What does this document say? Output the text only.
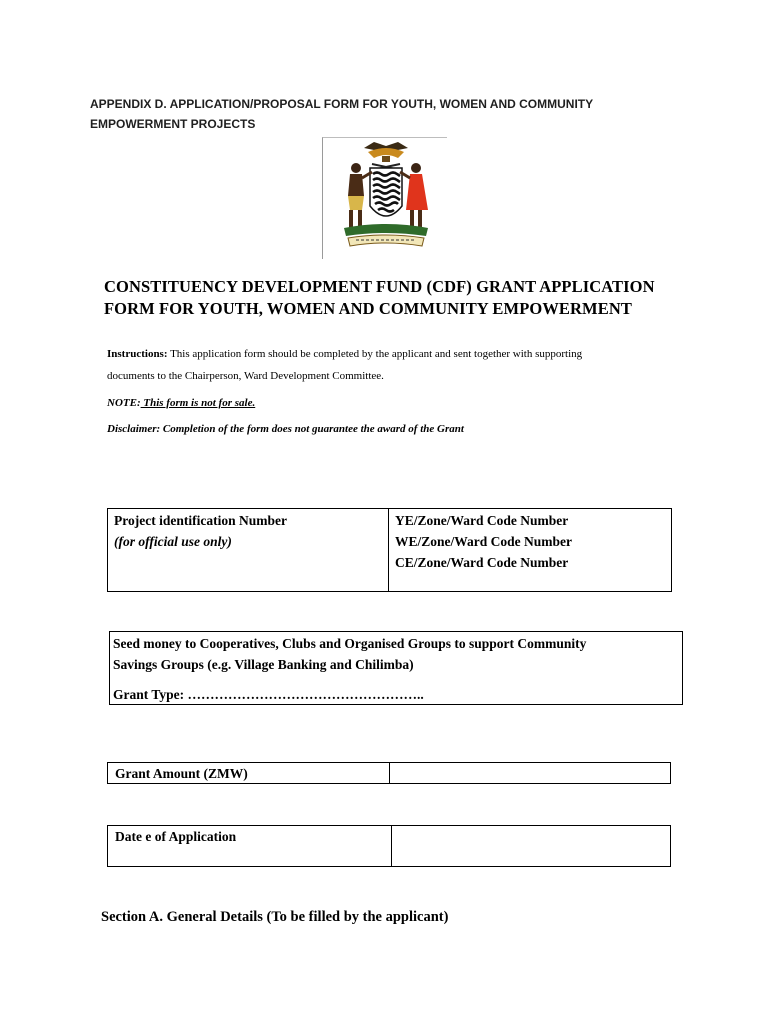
APPENDIX D. APPLICATION/PROPOSAL FORM FOR YOUTH, WOMEN AND COMMUNITY
EMPOWERMENT PROJECTS
CONSTITUENCY DEVELOPMENT FUND (CDF) GRANT APPLICATION
FORM FOR YOUTH, WOMEN AND COMMUNITY EMPOWERMENT
Instructions: This application form should be completed by the applicant and sent together with supporting
documents to the Chairperson, Ward Development Committee.
NOTE: This form is not for sale.
Disclaimer: Completion of the form does not guarantee the award of the Grant
Project identification Number
(for official use only)
YE/Zone/Ward Code Number
WE/Zone/Ward Code Number
CE/Zone/Ward Code Number
Seed money to Cooperatives, Clubs and Organised Groups to support Community
Savings Groups (e.g. Village Banking and Chilimba)
Grant Type: ……………………………………………..
Grant Amount (ZMW)
Date e of Application
Section A. General Details (To be filled by the applicant)
